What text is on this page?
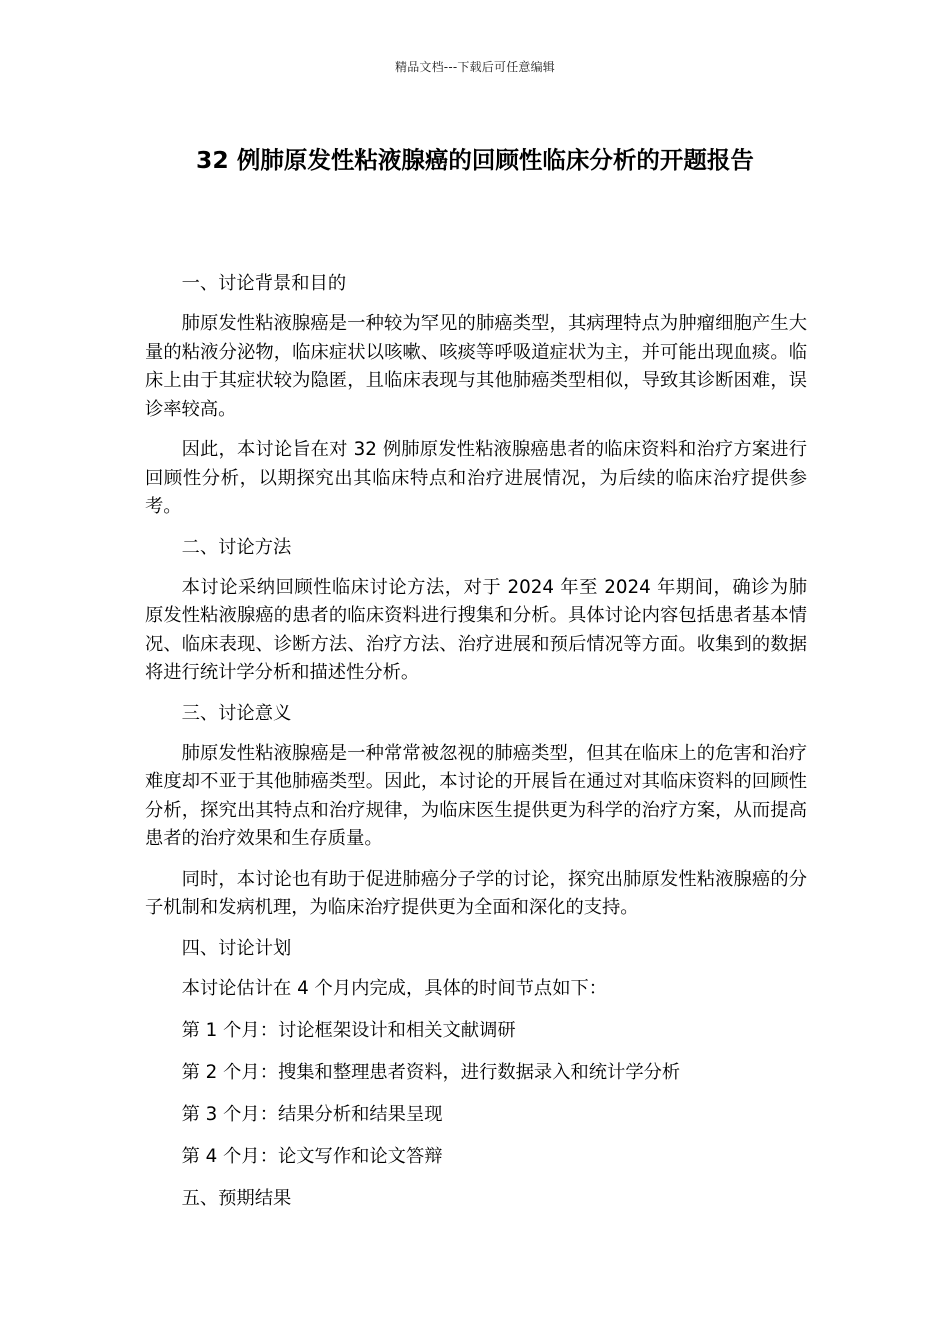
精品文档---下载后可任意编辑
32 例肺原发性粘液腺癌的回顾性临床分析的开题报告

一、讨论背景和目的

肺原发性粘液腺癌是一种较为罕见的肺癌类型，其病理特点为肿瘤细胞产生大量的粘液分泌物，临床症状以咳嗽、咳痰等呼吸道症状为主，并可能出现血痰。临床上由于其症状较为隐匿，且临床表现与其他肺癌类型相似，导致其诊断困难，误诊率较高。

因此，本讨论旨在对 32 例肺原发性粘液腺癌患者的临床资料和治疗方案进行回顾性分析，以期探究出其临床特点和治疗进展情况，为后续的临床治疗提供参考。

二、讨论方法

本讨论采纳回顾性临床讨论方法，对于 2024 年至 2024 年期间，确诊为肺原发性粘液腺癌的患者的临床资料进行搜集和分析。具体讨论内容包括患者基本情况、临床表现、诊断方法、治疗方法、治疗进展和预后情况等方面。收集到的数据将进行统计学分析和描述性分析。

三、讨论意义

肺原发性粘液腺癌是一种常常被忽视的肺癌类型，但其在临床上的危害和治疗难度却不亚于其他肺癌类型。因此，本讨论的开展旨在通过对其临床资料的回顾性分析，探究出其特点和治疗规律，为临床医生提供更为科学的治疗方案，从而提高患者的治疗效果和生存质量。

同时，本讨论也有助于促进肺癌分子学的讨论，探究出肺原发性粘液腺癌的分子机制和发病机理，为临床治疗提供更为全面和深化的支持。

四、讨论计划

本讨论估计在 4 个月内完成，具体的时间节点如下：

第 1 个月：讨论框架设计和相关文献调研

第 2 个月：搜集和整理患者资料，进行数据录入和统计学分析

第 3 个月：结果分析和结果呈现

第 4 个月：论文写作和论文答辩

五、预期结果
